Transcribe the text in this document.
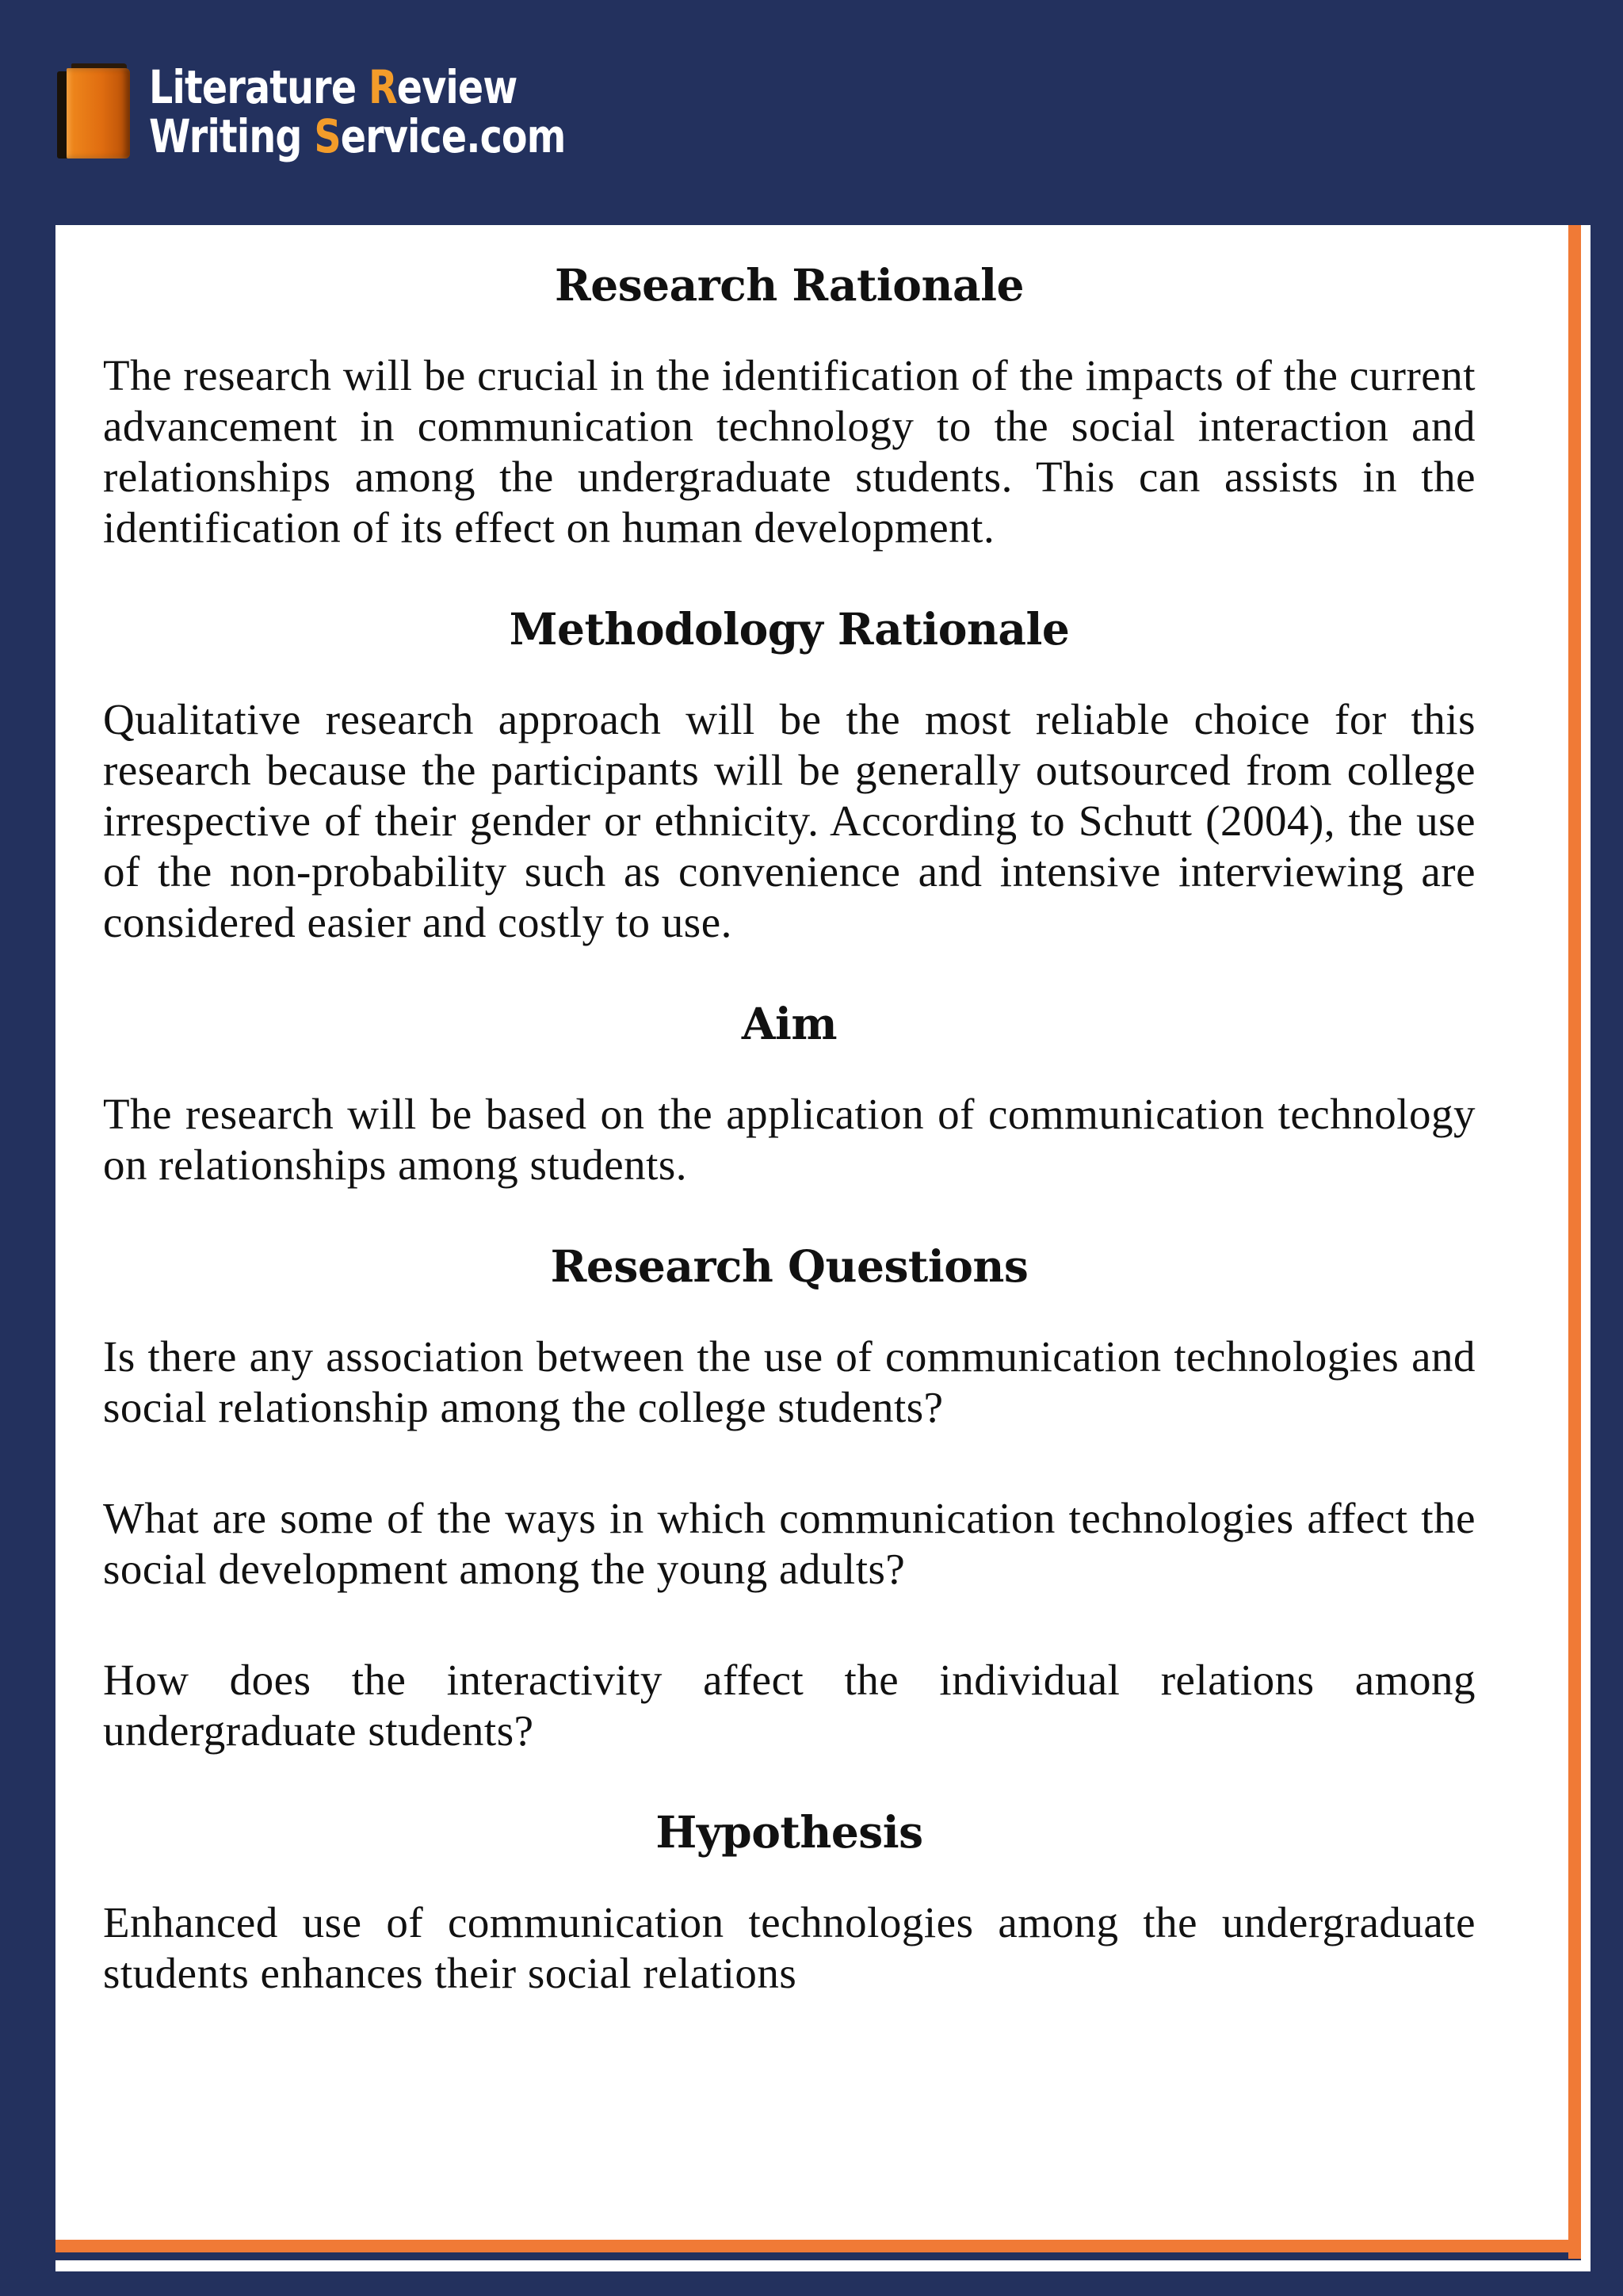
Literature Review
Writing Service.com
Research Rationale

The research will be crucial in the identification of the impacts of the current advancement in communication technology to the social interaction and relationships among the undergraduate students. This can assists in the identification of its effect on human development.

Methodology Rationale

Qualitative research approach will be the most reliable choice for this research because the participants will be generally outsourced from college irrespective of their gender or ethnicity. According to Schutt (2004), the use of the non-probability such as convenience and intensive interviewing are considered easier and costly to use.

Aim

The research will be based on the application of communication technology on relationships among students.

Research Questions

Is there any association between the use of communication technologies and social relationship among the college students?

What are some of the ways in which communication technologies affect the social development among the young adults?

How does the interactivity affect the individual relations among undergraduate students?

Hypothesis

Enhanced use of communication technologies among the undergraduate students enhances their social relations
